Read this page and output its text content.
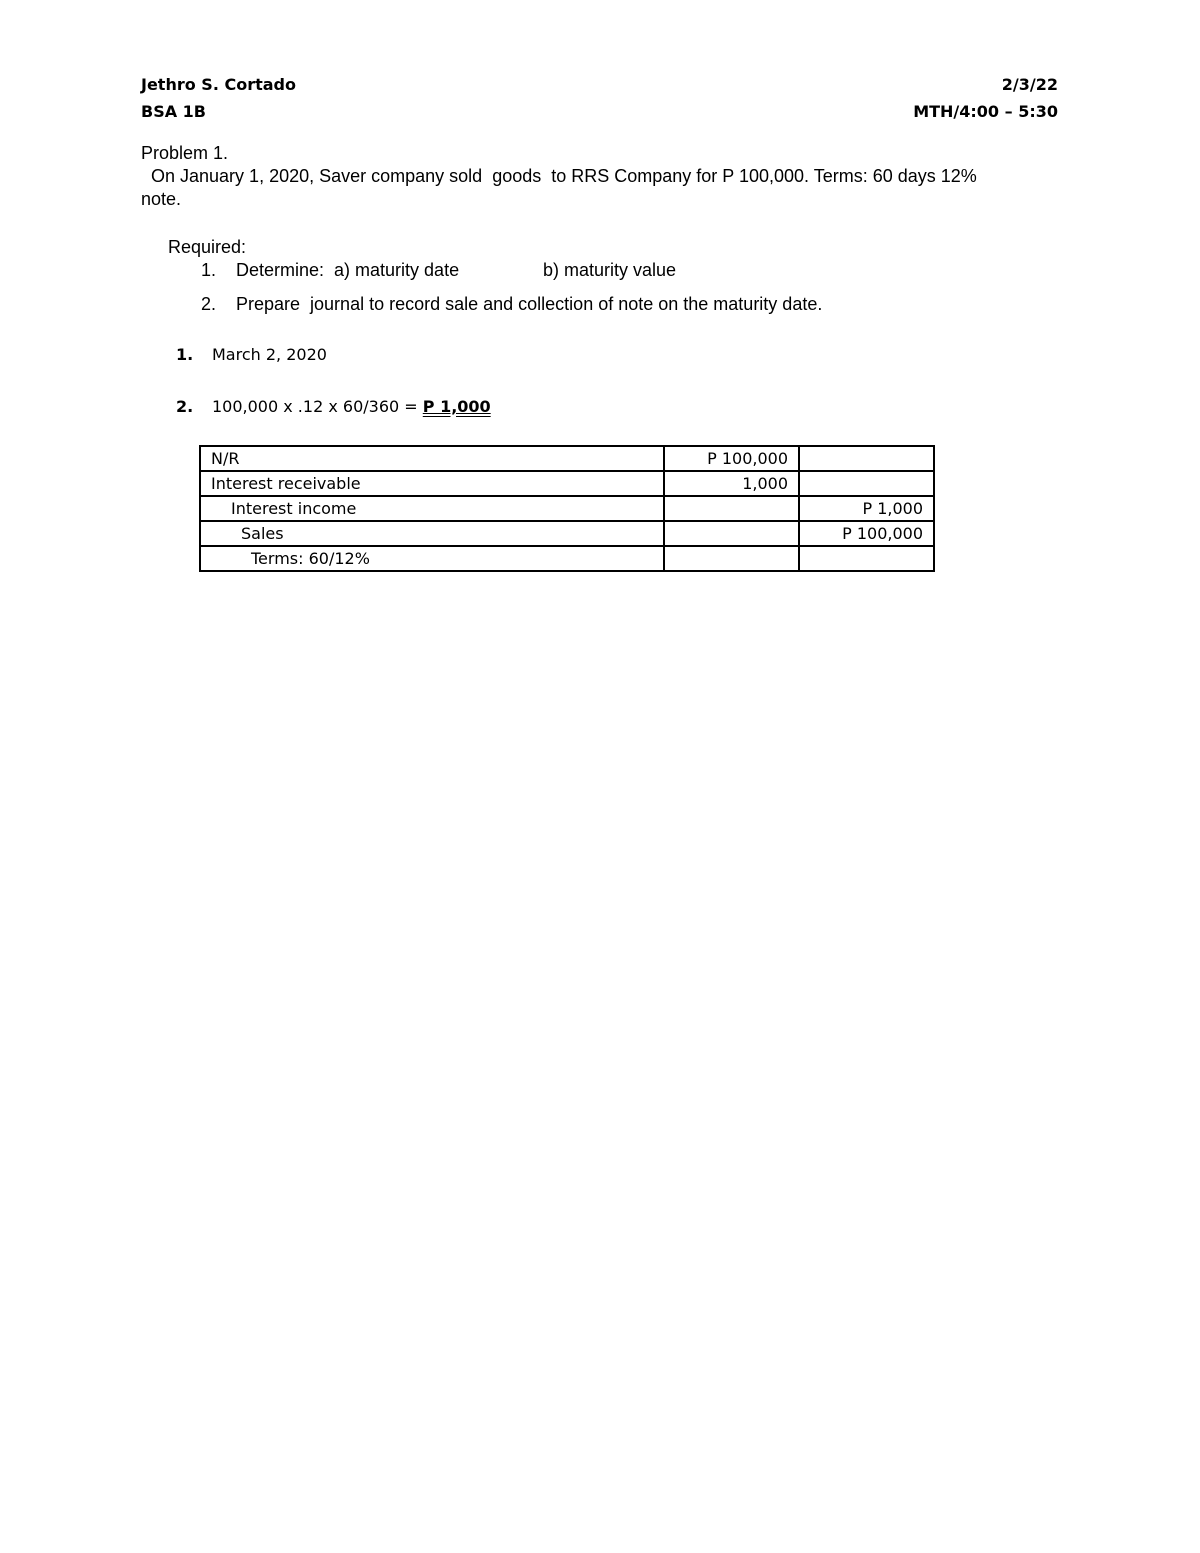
Jethro S. Cortado	2/3/22
BSA 1B	MTH/4:00 – 5:30
Problem 1.
On January 1, 2020, Saver company sold  goods  to RRS Company for P 100,000. Terms: 60 days 12%
note.
Required:
1. Determine:  a) maturity date	b) maturity value
2. Prepare  journal to record sale and collection of note on the maturity date.
1. March 2, 2020
2. 100,000 x .12 x 60/360 = P 1,000
N/R	P 100,000	
Interest receivable	1,000	
Interest income		P 1,000
Sales		P 100,000
Terms: 60/12%		
